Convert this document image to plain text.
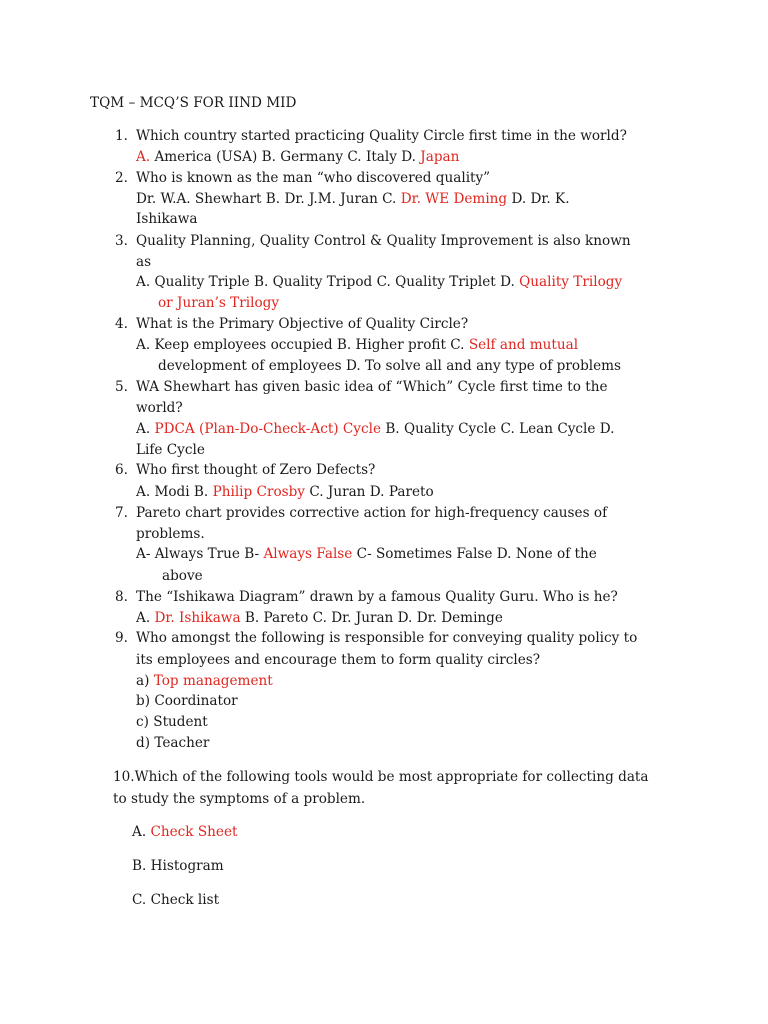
TQM – MCQ’S FOR IIND MID
1. Which country started practicing Quality Circle first time in the world?
A. America (USA) B. Germany C. Italy D. Japan
2. Who is known as the man “who discovered quality”
Dr. W.A. Shewhart B. Dr. J.M. Juran C. Dr. WE Deming D. Dr. K.
Ishikawa
3. Quality Planning, Quality Control & Quality Improvement is also known
as
A. Quality Triple B. Quality Tripod C. Quality Triplet D. Quality Trilogy
or Juran’s Trilogy
4. What is the Primary Objective of Quality Circle?
A. Keep employees occupied B. Higher profit C. Self and mutual
development of employees D. To solve all and any type of problems
5. WA Shewhart has given basic idea of “Which” Cycle first time to the
world?
A. PDCA (Plan-Do-Check-Act) Cycle B. Quality Cycle C. Lean Cycle D.
Life Cycle
6. Who first thought of Zero Defects?
A. Modi B. Philip Crosby C. Juran D. Pareto
7. Pareto chart provides corrective action for high-frequency causes of
problems.
A- Always True B- Always False C- Sometimes False D. None of the
above
8. The “Ishikawa Diagram” drawn by a famous Quality Guru. Who is he?
A. Dr. Ishikawa B. Pareto C. Dr. Juran D. Dr. Deminge
9. Who amongst the following is responsible for conveying quality policy to
its employees and encourage them to form quality circles?
a) Top management
b) Coordinator
c) Student
d) Teacher
10.Which of the following tools would be most appropriate for collecting data
to study the symptoms of a problem.
A. Check Sheet
B. Histogram
C. Check list
